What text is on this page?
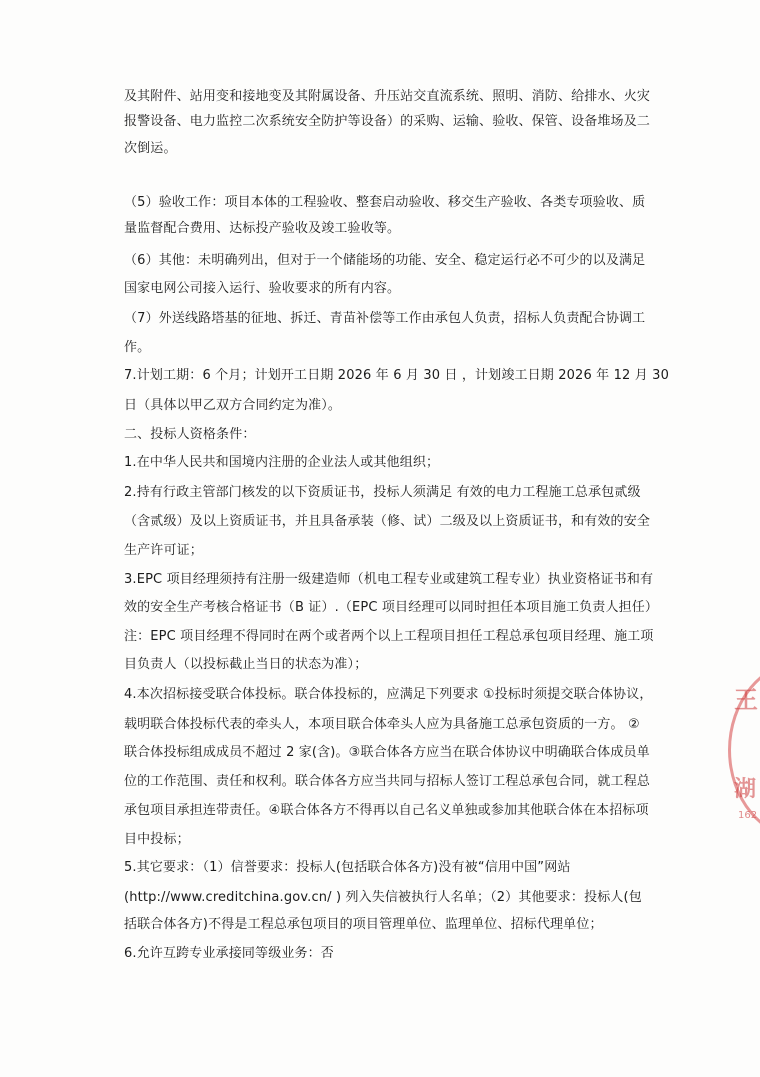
及其附件、站用变和接地变及其附属设备、升压站交直流系统、照明、消防、给排水、火灾
报警设备、电力监控二次系统安全防护等设备）的采购、运输、验收、保管、设备堆场及二
次倒运。
（5）验收工作：项目本体的工程验收、整套启动验收、移交生产验收、各类专项验收、质
量监督配合费用、达标投产验收及竣工验收等。
（6）其他：未明确列出，但对于一个储能场的功能、安全、稳定运行必不可少的以及满足
国家电网公司接入运行、验收要求的所有内容。
（7）外送线路塔基的征地、拆迁、青苗补偿等工作由承包人负责，招标人负责配合协调工
作。
7.计划工期：6 个月；计划开工日期 2026 年 6 月 30 日 ，计划竣工日期 2026 年 12 月 30
日（具体以甲乙双方合同约定为准）。
二、投标人资格条件：
1.在中华人民共和国境内注册的企业法人或其他组织；
2.持有行政主管部门核发的以下资质证书，投标人须满足 有效的电力工程施工总承包贰级
（含贰级）及以上资质证书，并且具备承装（修、试）二级及以上资质证书，和有效的安全
生产许可证；
3.EPC 项目经理须持有注册一级建造师（机电工程专业或建筑工程专业）执业资格证书和有
效的安全生产考核合格证书（B 证）.（EPC 项目经理可以同时担任本项目施工负责人担任）
注：EPC 项目经理不得同时在两个或者两个以上工程项目担任工程总承包项目经理、施工项
目负责人（以投标截止当日的状态为准）；
4.本次招标接受联合体投标。联合体投标的，应满足下列要求 ①投标时须提交联合体协议，
载明联合体投标代表的牵头人，本项目联合体牵头人应为具备施工总承包资质的一方。 ②
联合体投标组成成员不超过 2 家(含)。③联合体各方应当在联合体协议中明确联合体成员单
位的工作范围、责任和权利。联合体各方应当共同与招标人签订工程总承包合同，就工程总
承包项目承担连带责任。④联合体各方不得再以自己名义单独或参加其他联合体在本招标项
目中投标；
5.其它要求：（1）信誉要求：投标人(包括联合体各方)没有被“信用中国”网站
(http://www.creditchina.gov.cn/ ) 列入失信被执行人名单；（2）其他要求：投标人(包
括联合体各方)不得是工程总承包项目的项目管理单位、监理单位、招标代理单位；
6.允许互跨专业承接同等级业务：否
王
湖
162
